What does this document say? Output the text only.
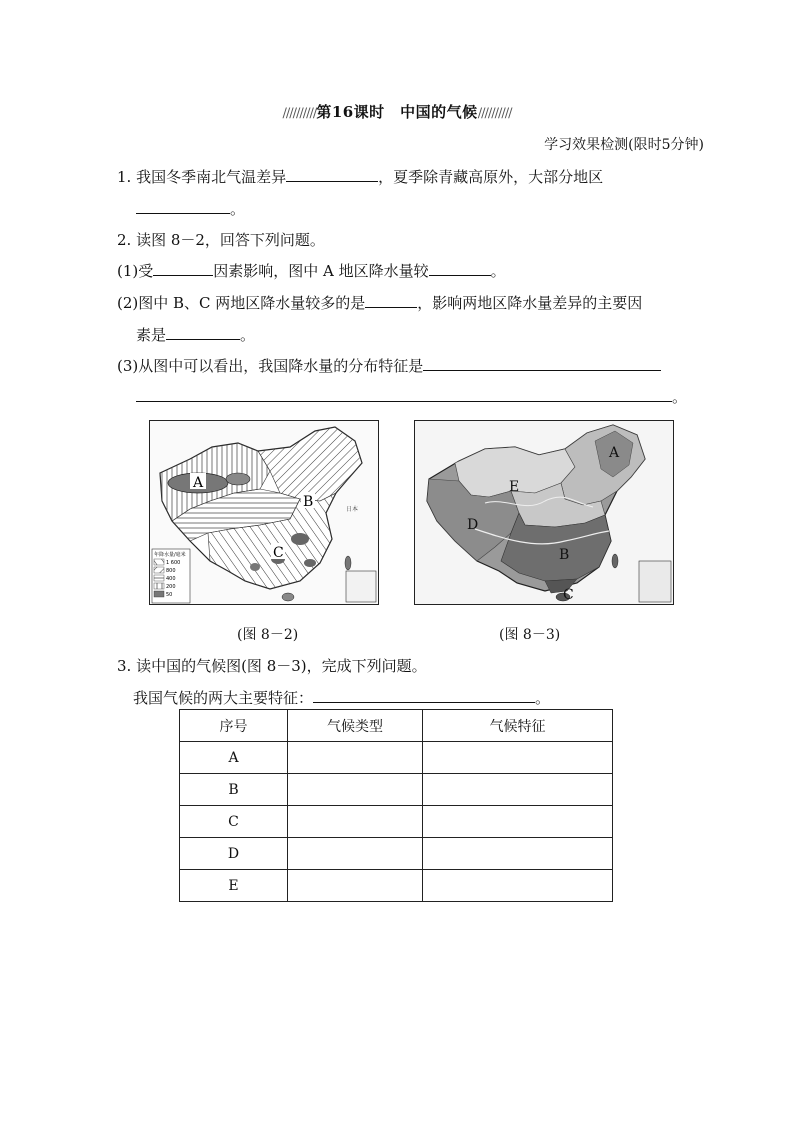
//////////第16课时　中国的气候//////////
学习效果检测(限时5分钟)
1. 我国冬季南北气温差异	，夏季除青藏高原外，大部分地区
。
2. 读图 8－2，回答下列问题。
(1)受	因素影响，图中 A 地区降水量较	。
(2)图中 B、C 两地区降水量较多的是	，影响两地区降水量差异的主要因
素是	。
(3)从图中可以看出，我国降水量的分布特征是
。
日本
A
B
C
年降水量/毫米
1 600
800
400
200
50
(图 8－2)
A
B
C
D
E
(图 8－3)
3. 读中国的气候图(图 8－3)，完成下列问题。
我国气候的两大主要特征：	。
序号	气候类型	气候特征
A		
B		
C		
D		
E		
